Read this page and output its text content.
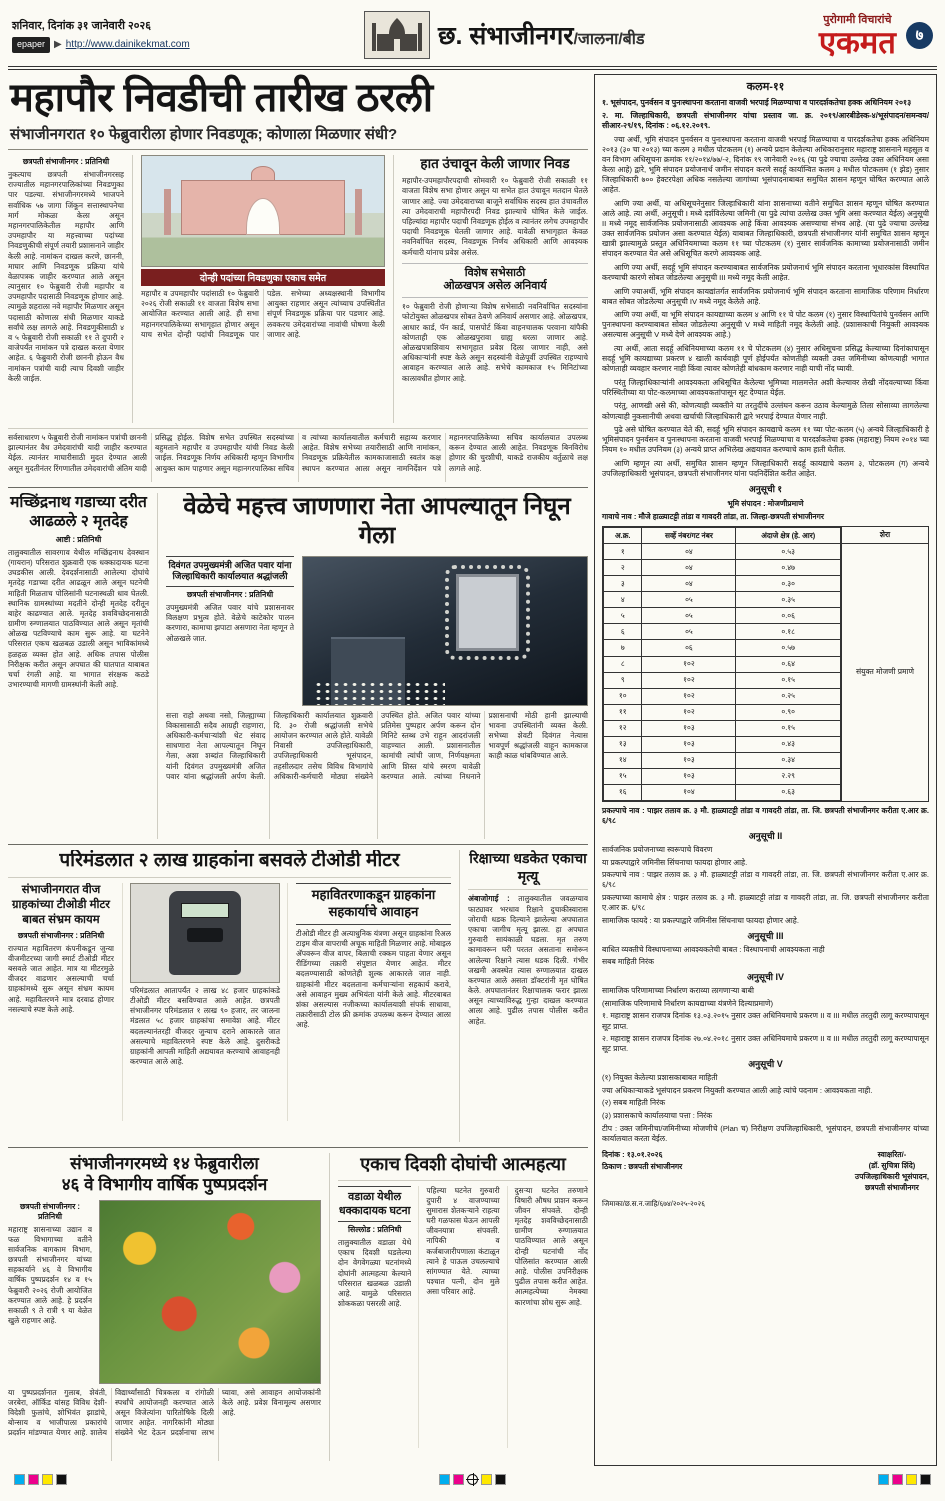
शनिवार, दिनांक ३१ जानेवारी २०२६
epaper ▶ http://www.dainikekmat.com	छ. संभाजीनगर/जालना/बीड
पुरोगामी विचारांचे
एकमत	७
महापौर निवडीची तारीख ठरली
संभाजीनगरात १० फेब्रुवारीला होणार निवडणूक; कोणाला मिळणार संधी?

छत्रपती संभाजीनगर : प्रतिनिधी

नुकत्याच छत्रपती संभाजीनगरसह राज्यातील महानगरपालिकांच्या निवडणुका पार पडल्या. संभाजीनगरमध्ये भाजपने सर्वाधिक ५७ जागा जिंकून सत्तास्थापनेचा मार्ग मोकळा केला असून महानगरपालिकेतील महापौर आणि उपमहापौर या महत्त्वाच्या पदांच्या निवडणुकीची संपूर्ण तयारी प्रशासनाने जाहीर केली आहे. नामांकन दाखल करणे, छाननी, माघार आणि निवडणूक प्रक्रिया यांचे वेळापत्रक जाहीर करण्यात आले असून त्यानुसार १० फेब्रुवारी रोजी महापौर व उपमहापौर पदासाठी निवडणूक होणार आहे. त्यामुळे शहराला नवे महापौर मिळणार असून पदासाठी कोणाला संधी मिळणार याकडे सर्वांचे लक्ष लागले आहे. निवडणुकीसाठी ४ व ५ फेब्रुवारी रोजी सकाळी ११ ते दुपारी २ वाजेपर्यंत नामांकन पत्रे दाखल करता येणार आहेत. ६ फेब्रुवारी रोजी छाननी होऊन वैध नामांकन पत्रांची यादी त्याच दिवशी जाहीर केली जाईल.

दोन्ही पदांच्या निवडणुका एकाच समेत

महापौर व उपमहापौर पदांसाठी १० फेब्रुवारी २०२६ रोजी सकाळी ११ वाजता विशेष सभा आयोजित करण्यात आली आहे. ही सभा महानगरपालिकेच्या सभागृहात होणार असून याच सभेत दोन्ही पदांची निवडणूक पार पडेल. सभेच्या अध्यक्षस्थानी विभागीय आयुक्त राहणार असून त्यांच्याच उपस्थितीत संपूर्ण निवडणूक प्रक्रिया पार पडणार आहे. लवकरच उमेदवारांच्या नावांची घोषणा केली जाणार आहे.

हात उंचावून केली जाणार निवड

महापौर-उपमहापौरपदाची सोमवारी १० फेब्रुवारी रोजी सकाळी ११ वाजता विशेष सभा होणार असून या सभेत हात उंचावून मतदान घेतले जाणार आहे. ज्या उमेदवाराच्या बाजूने सर्वाधिक सदस्य हात उंचावतील त्या उमेदवाराची महापौरपदी निवड झाल्याचे घोषित केले जाईल. पहिल्यांदा महापौर पदाची निवडणूक होईल व त्यानंतर लगेच उपमहापौर पदाची निवडणूक घेतली जाणार आहे. यावेळी सभागृहात केवळ नवनिर्वाचित सदस्य, निवडणूक निर्णय अधिकारी आणि आवश्यक कर्मचारी यांनाच प्रवेश असेल.

विशेष सभेसाठी
ओळखपत्र असेल अनिवार्य

१० फेब्रुवारी रोजी होणाऱ्या विशेष सभेसाठी नवनिर्वाचित सदस्यांना फोटोयुक्त ओळखपत्र सोबत ठेवणे अनिवार्य असणार आहे. ओळखपत्र, आधार कार्ड, पॅन कार्ड, पासपोर्ट किंवा वाहनचालक परवाना यांपैकी कोणताही एक ओळखपुरावा ग्राह्य धरला जाणार आहे. ओळखपत्राशिवाय सभागृहात प्रवेश दिला जाणार नाही, असे अधिकाऱ्यांनी स्पष्ट केले असून सदस्यांनी वेळेपूर्वी उपस्थित राहण्याचे आवाहन करण्यात आले आहे. सभेचे कामकाज १५ मिनिटांच्या कालावधीत होणार आहे.

सर्वसाधारण ५ फेब्रुवारी रोजी नामांकन पत्रांची छाननी झाल्यानंतर वैध उमेदवारांची यादी जाहीर करण्यात येईल. त्यानंतर माघारीसाठी मुदत देण्यात आली असून मुदतीनंतर रिंगणातील उमेदवारांची अंतिम यादी प्रसिद्ध होईल. विशेष सभेत उपस्थित सदस्यांच्या बहुमताने महापौर व उपमहापौर यांची निवड केली जाईल. निवडणूक निर्णय अधिकारी म्हणून विभागीय आयुक्त काम पाहणार असून महानगरपालिका सचिव व त्यांच्या कार्यालयातील कर्मचारी सहाय्य करणार आहेत. विशेष सभेच्या तयारीसाठी आणि नामांकन, निवडणूक प्रक्रियेतील कामकाजासाठी स्वतंत्र कक्ष स्थापन करण्यात आला असून नामनिर्देशन पत्रे महानगरपालिकेच्या सचिव कार्यालयात उपलब्ध करून देण्यात आली आहेत. निवडणूक बिनविरोध होणार की चुरशीची, याकडे राजकीय वर्तुळाचे लक्ष लागले आहे.
मच्छिंद्रनाथ गडाच्या दरीत आढळले २ मृतदेह

आष्टी : प्रतिनिधी

तालुक्यातील सावरगाव येथील मच्छिंद्रनाथ देवस्थान (गायरान) परिसरात शुक्रवारी एक धक्कादायक घटना उघडकीस आली. देवदर्शनासाठी आलेल्या दोघांचे मृतदेह गडाच्या दरीत आढळून आले असून घटनेची माहिती मिळताच पोलिसांनी घटनास्थळी धाव घेतली. स्थानिक ग्रामस्थांच्या मदतीने दोन्ही मृतदेह दरीतून बाहेर काढण्यात आले. मृतदेह शवविच्छेदनासाठी ग्रामीण रुग्णालयात पाठविण्यात आले असून मृतांची ओळख पटविण्याचे काम सुरू आहे. या घटनेने परिसरात एकच खळबळ उडाली असून भाविकांमध्ये हळहळ व्यक्त होत आहे. अधिक तपास पोलीस निरीक्षक करीत असून अपघात की घातपात याबाबत चर्चा रंगली आहे. या भागात संरक्षक कठडे उभारण्याची मागणी ग्रामस्थांनी केली आहे.

वेळेचे महत्त्व जाणणारा नेता आपल्यातून निघून गेला
दिवंगत उपमुख्यमंत्री अजित पवार यांना जिल्हाधिकारी कार्यालयात श्रद्धांजली

छत्रपती संभाजीनगर : प्रतिनिधी

उपमुख्यमंत्री अजित पवार यांचे प्रशासनावर विलक्षण प्रभुत्व होते. वेळेचे काटेकोर पालन करणारा, कामाचा झपाटा असणारा नेता म्हणून ते ओळखले जात.

सत्ता राहो अथवा नसो, जिल्ह्याच्या विकासासाठी सदैव आग्रही राहणारा, अधिकारी-कर्मचाऱ्यांशी थेट संवाद साधणारा नेता आपल्यातून निघून गेला, अशा शब्दांत जिल्हाधिकारी यांनी दिवंगत उपमुख्यमंत्री अजित पवार यांना श्रद्धांजली अर्पण केली. जिल्हाधिकारी कार्यालयात शुक्रवारी दि. ३० रोजी श्रद्धांजली सभेचे आयोजन करण्यात आले होते. यावेळी निवासी उपजिल्हाधिकारी, उपजिल्हाधिकारी भूसंपादन, तहसीलदार तसेच विविध विभागांचे अधिकारी-कर्मचारी मोठ्या संख्येने उपस्थित होते. अजित पवार यांच्या प्रतिमेस पुष्पहार अर्पण करून दोन मिनिटे स्तब्ध उभे राहून आदरांजली वाहण्यात आली. प्रशासनातील कामांची त्यांची जाण, निर्णयक्षमता आणि शिस्त यांचे स्मरण यावेळी करण्यात आले. त्यांच्या निधनाने प्रशासनाची मोठी हानी झाल्याची भावना उपस्थितांनी व्यक्त केली. सभेच्या शेवटी दिवंगत नेत्यास भावपूर्ण श्रद्धांजली वाहून कामकाज काही काळ थांबविण्यात आले.
परिमंडलात २ लाख ग्राहकांना बसवले टीओडी मीटर
संभाजीनगरात वीज ग्राहकांच्या टीओडी मीटर बाबत संभ्रम कायम

छत्रपती संभाजीनगर : प्रतिनिधी

राज्यात महावितरण कंपनीकडून जुन्या वीजमीटरच्या जागी स्मार्ट टीओडी मीटर बसवले जात आहेत. मात्र या मीटरमुळे वीजदर वाढणार असल्याची चर्चा ग्राहकांमध्ये सुरू असून संभ्रम कायम आहे. महावितरणने मात्र दरवाढ होणार नसल्याचे स्पष्ट केले आहे.

परिमंडलात आतापर्यंत २ लाख ४८ हजार ग्राहकांकडे टीओडी मीटर बसविण्यात आले आहेत. छत्रपती संभाजीनगर परिमंडलात १ लाख ९० हजार, तर जालना मंडलात ५८ हजार ग्राहकांचा समावेश आहे. मीटर बदलल्यानंतरही वीजदर जुन्याच दराने आकारले जात असल्याचे महावितरणने स्पष्ट केले आहे. दुसरीकडे ग्राहकांनी आपली माहिती अद्ययावत करण्याचे आवाहनही करण्यात आले आहे.

महावितरणाकडून ग्राहकांना सहकार्याचे आवाहन

टीओडी मीटर ही अत्याधुनिक यंत्रणा असून ग्राहकांना रिअल टाइम वीज वापराची अचूक माहिती मिळणार आहे. मोबाइल अ‍ॅपवरून वीज वापर, बिलाची रक्कम पाहता येणार असून रीडिंगच्या तक्रारी संपुष्टात येणार आहेत. मीटर बदलण्यासाठी कोणतेही शुल्क आकारले जात नाही. ग्राहकांनी मीटर बदलताना कर्मचाऱ्यांना सहकार्य करावे, असे आवाहन मुख्य अभियंता यांनी केले आहे. मीटरबाबत शंका असल्यास नजीकच्या कार्यालयाशी संपर्क साधावा, तक्रारीसाठी टोल फ्री क्रमांक उपलब्ध करून देण्यात आला आहे.

रिक्षाच्या धडकेत एकाचा मृत्यू

अंबाजोगाई : तालुक्यातील जवळग्याव फाट्यावर भरधाव रिक्षाने दुचाकीस्वारास जोराची धडक दिल्याने झालेल्या अपघातात एकाचा जागीच मृत्यू झाला. हा अपघात गुरुवारी सायंकाळी घडला. मृत तरुण कामावरून घरी परतत असताना समोरून आलेल्या रिक्षाने त्यास धडक दिली. गंभीर जखमी अवस्थेत त्यास रुग्णालयात दाखल करण्यात आले असता डॉक्टरांनी मृत घोषित केले. अपघातानंतर रिक्षाचालक फरार झाला असून त्याच्याविरुद्ध गुन्हा दाखल करण्यात आला आहे. पुढील तपास पोलीस करीत आहेत.

संभाजीनगरमध्ये १४ फेब्रुवारीला
४६ वे विभागीय वार्षिक पुष्पप्रदर्शन

छत्रपती संभाजीनगर : प्रतिनिधी

महाराष्ट्र शासनाच्या उद्यान व फळ विभागाच्या वतीने सार्वजनिक बागकाम विभाग, छत्रपती संभाजीनगर यांच्या सहकार्याने ४६ वे विभागीय वार्षिक पुष्पप्रदर्शन १४ व १५ फेब्रुवारी २०२६ रोजी आयोजित करण्यात आले आहे. हे प्रदर्शन सकाळी ९ ते रात्री ९ या वेळेत खुले राहणार आहे.

या पुष्पप्रदर्शनात गुलाब, शेवंती, जरबेरा, ऑर्किड यांसह विविध देशी-विदेशी फुलांचे, शोभिवंत झाडांचे, बोन्साय व भाजीपाला प्रकारांचे प्रदर्शन मांडण्यात येणार आहे. शालेय विद्यार्थ्यांसाठी चित्रकला व रांगोळी स्पर्धांचे आयोजनही करण्यात आले असून विजेत्यांना पारितोषिके दिली जाणार आहेत. नागरिकांनी मोठ्या संख्येने भेट देऊन प्रदर्शनाचा लाभ घ्यावा, असे आवाहन आयोजकांनी केले आहे. प्रवेश विनामूल्य असणार आहे.
एकाच दिवशी दोघांची आत्महत्या
वडाळा येथील धक्कादायक घटना

सिल्लोड : प्रतिनिधी

तालुक्यातील वडाळा येथे एकाच दिवशी घडलेल्या दोन वेगवेगळ्या घटनांमध्ये दोघांनी आत्महत्या केल्याने परिसरात खळबळ उडाली आहे. यामुळे परिसरात शोककळा पसरली आहे.

पहिल्या घटनेत गुरुवारी दुपारी ४ वाजण्याच्या सुमारास शेतकऱ्याने राहत्या घरी गळफास घेऊन आपली जीवनयात्रा संपवली. नापिकी व कर्जबाजारीपणाला कंटाळून त्याने हे पाऊल उचलल्याचे सांगण्यात येते. त्याच्या पश्चात पत्नी, दोन मुले असा परिवार आहे.

दुसऱ्या घटनेत तरुणाने विषारी औषध प्राशन करून जीवन संपवले. दोन्ही मृतदेह शवविच्छेदनासाठी ग्रामीण रुग्णालयात पाठविण्यात आले असून दोन्ही घटनांची नोंद पोलिसांत करण्यात आली आहे. पोलीस उपनिरीक्षक पुढील तपास करीत आहेत. आत्महत्येच्या नेमक्या कारणांचा शोध सुरू आहे.

कलम-११

१. भूसंपादन, पुनर्वसन व पुनःस्थापना करताना वाजवी भरपाई मिळण्याचा व पारदर्शकतेचा हक्क अधिनियम २०१३

२. मा. जिल्हाधिकारी, छत्रपती संभाजीनगर यांचा प्रस्ताव जा. क्र. २०१९/आरबीडेस्क-४/भूसंपादन/समन्वय/सीआर-२९/१९, दिनांक : ०६.१२.२०१९.

ज्या अर्थी, भूमि संपादन पुनर्वसन व पुनःस्थापना करताना वाजवी भरपाई मिळण्याचा व पारदर्शकतेचा हक्क अधिनियम २०१३ (३० चा २०१३) च्या कलम ३ मधील पोटकलम (१) अन्वये प्रदान केलेल्या अधिकारानुसार महाराष्ट्र शासनाने महसूल व वन विभाग अधिसूचना क्रमांक ११/२०१४/७७/-२, दिनांक १९ जानेवारी २०१६ (या पुढे ज्याचा उल्लेख उक्त अधिनियम असा केला आहे) द्वारे, भूमि संपादन प्रयोजनार्थ जमीन संपादन करणे सदर्हू कार्यान्वित कलम ३ मधील पोटकलम (१ झेड) नुसार जिल्हाधिकारी ७०० हेक्टरपेक्षा अधिक नसलेल्या जागांच्या भूसंपादनाबाबत समुचित शासन म्हणून घोषित करण्यात आले आहेत.

आणि ज्या अर्थी, या अधिसूचनेनुसार जिल्हाधिकारी यांना शासनाच्या वतीने समुचित शासन म्हणून घोषित करण्यात आले आहे. त्या अर्थी, अनुसूची I मध्ये दर्शविलेल्या जमिनी (या पुढे त्यांचा उल्लेख उक्त भूमि असा करण्यात येईल) अनुसूची II मध्ये नमूद सार्वजनिक प्रयोजनासाठी आवश्यक आहे किंवा आवश्यक असण्याचा संभव आहे. (या पुढे ज्याचा उल्लेख उक्त सार्वजनिक प्रयोजन असा करण्यात येईल) याबाबत जिल्हाधिकारी, छत्रपती संभाजीनगर यांनी समुचित शासन म्हणून खात्री झाल्यामुळे प्रस्तुत अधिनियमाच्या कलम ११ च्या पोटकलम (१) नुसार सार्वजनिक कामाच्या प्रयोजनासाठी जमीन संपादन करण्यात येत असे अधिसूचित करणे आवश्यक आहे.

आणि ज्या अर्थी, सदर्हू भूमि संपादन करण्याबाबत सार्वजनिक प्रयोजनार्थ भूमि संपादन करताना भूधारकांस विस्थापित करण्याची कारणे सोबत जोडलेल्या अनुसूची III मध्ये नमूद केली आहेत.

आणि ज्याअर्थी, भूमि संपादन कायद्यांतर्गत सार्वजनिक प्रयोजनार्थ भूमि संपादन करताना सामाजिक परिणाम निर्धारण बाबत सोबत जोडलेल्या अनुसूची IV मध्ये नमूद केलेले आहे.

आणि ज्या अर्थी, या भूमि संपादन कायद्याच्या कलम ४ आणि ११ चे पोट कलम (१) नुसार विस्थापितांचे पुनर्वसन आणि पुनःस्थापना करण्याबाबत सोबत जोडलेल्या अनुसूची V मध्ये माहिती नमूद केलेली आहे. (प्रशासकाची नियुक्ती आवश्यक असल्यास अनुसूची V मध्ये देणे आवश्यक आहे.)

त्या अर्थी, आता सदर्हू अधिनियमाच्या कलम ११ चे पोटकलम (४) नुसार अधिसूचना प्रसिद्ध केल्याच्या दिनांकापासून सदर्हू भूमि कायद्याच्या प्रकरण ४ खाली कार्यवाही पूर्ण होईपर्यंत कोणतीही व्यक्ती उक्त जमिनीच्या कोणत्याही भागात कोणताही व्यवहार करणार नाही किंवा त्यावर कोणतेही बांधकाम करणार नाही याची नोंद घ्यावी.

परंतु जिल्हाधिकाऱ्यांनी आवश्यकता अधिसूचित केलेल्या भूमिच्या मालमत्तेत अशी केल्यावर लेखी नोंदवल्याच्या किंवा परिस्थितीच्या या पोट-कलमाच्या आवश्यकतांपासून सूट देण्यात येईल.

परंतु, आणखी असे की, कोणत्याही व्यक्तीने या तरतुदींचे उल्लंघन करून उठाव केल्यामुळे तिला सोसाव्या लागलेल्या कोणत्याही नुकसानीची अथवा खर्चाची जिल्हाधिकारी द्वारे भरपाई देण्यात येणार नाही.

पुढे असे घोषित करण्यात येते की, सदर्हू भूमि संपादन कायद्याचे कलम ११ च्या पोट-कलम (५) अन्वये जिल्हाधिकारी हे भूमिसंपादन पुनर्वसन व पुनःस्थापना करताना वाजवी भरपाई मिळण्याचा व पारदर्शकतेचा हक्क (महाराष्ट्र) नियम २०१४ च्या नियम १० मधील उपनियम (३) अन्वये प्राप्त अभिलेख अद्ययावत करण्याचे काम हाती घेतील.

आणि म्हणून त्या अर्थी, समुचित शासन म्हणून जिल्हाधिकारी सदर्हू कायद्याचे कलम ३, पोटकलम (ग) अन्वये उपजिल्हाधिकारी भूसंपादन, छत्रपती संभाजीनगर यांना पदनिर्देशित करीत आहेत.

अनुसूची १
भूमि संपादन : मोजणीप्रमाणे
गावाचे नाव : मौजे हाळ्याटट्टी तांडा व गावदरी तांडा, ता. जिल्हा-छत्रपती संभाजीनगर
अ.क्र.	सर्व्हे नंबर/गट नंबर	अंदाजे क्षेत्र (हे. आर)
१	०४	०.५३
२	०४	०.४७
३	०४	०.३०
४	०५	०.३५
५	०५	०.०६
६	०५	०.१८
७	०६	०.५७
८	१०२	०.६४
९	१०२	०.१५
१०	१०२	०.२५
११	१०२	०.९०
१२	१०३	०.१५
१३	१०३	०.४३
१४	१०३	०.३४
१५	१०३	२.२९
१६	१०४	०.६३
शेरा
संयुक्त मोजणी प्रमाणे

प्रकल्पाचे नाव : पाझर तलाव क्र. ३ मौ. हाळ्याटट्टी तांडा व गावदरी तांडा, ता. जि. छत्रपती संभाजीनगर करीता ए.आर क्र. ६/९८

अनुसूची II

सार्वजनिक प्रयोजनाच्या स्वरूपाचे विवरण

या प्रकल्पाद्वारे जमिनीस सिंचनाचा फायदा होणार आहे.

प्रकल्पाचे नाव : पाझर तलाव क्र. ३ मौ. हाळ्याटट्टी तांडा व गावदरी तांडा, ता. जि. छत्रपती संभाजीनगर करीता ए.आर क्र. ६/९८

प्रकल्पाच्या कामाचे क्षेत्र : पाझर तलाव क्र. ३ मौ. हाळ्याटट्टी तांडा व गावदरी तांडा, ता. जि. छत्रपती संभाजीनगर करीता ए.आर क्र. ६/९८

सामाजिक फायदे : या प्रकल्पाद्वारे जमिनीस सिंचनाचा फायदा होणार आहे.

अनुसूची III

बाधित व्यक्तीचे विस्थापनाच्या आवश्यकतेची बाबत : विस्थापनाची आवश्यकता नाही

सबब माहिती निरंक

अनुसूची IV

सामाजिक परिणामाच्या निर्धारण कराव्या लागणाऱ्या बाबी

(सामाजिक परिणामाचे निर्धारण कायद्याच्या यंत्रणेने दिल्याप्रमाणे)

१. महाराष्ट्र शासन राजपत्र दिनांक १३.०३.२०१५ नुसार उक्त अधिनियमाचे प्रकरण II व III मधील तरतुदी लागू करण्यापासून सूट प्राप्त.

२. महाराष्ट्र शासन राजपत्र दिनांक २७.०४.२०१८ नुसार उक्त अधिनियमाचे प्रकरण II व III मधील तरतुदी लागू करण्यापासून सूट प्राप्त.

अनुसूची V

(१) नियुक्त केलेल्या प्रशासकाबाबत माहिती

ज्या अधिकाऱ्याकडे भूसंपादन प्रकरण नियुक्ती करण्यात आली आहे त्यांचे पदनाम : आवश्यकता नाही.

(२) सबब माहिती निरंक

(३) प्रशासकाचे कार्यालयाचा पत्ता : निरंक

टीप : उक्त जमिनीचा/जमिनीच्या मोजणीचे (Plan च) निरीक्षण उपजिल्हाधिकारी, भूसंपादन, छत्रपती संभाजीनगर यांच्या कार्यालयात करता येईल.

दिनांक : १३.०१.२०२६

ठिकाण : छत्रपती संभाजीनगर

स्वाक्षरित/-

(डॉ. सुचित्रा शिंदे)

उपजिल्हाधिकारी भूसंपादन,

छत्रपती संभाजीनगर

जिमाका/छ.स.न.जाहि/६७४/२०२५-२०२६
